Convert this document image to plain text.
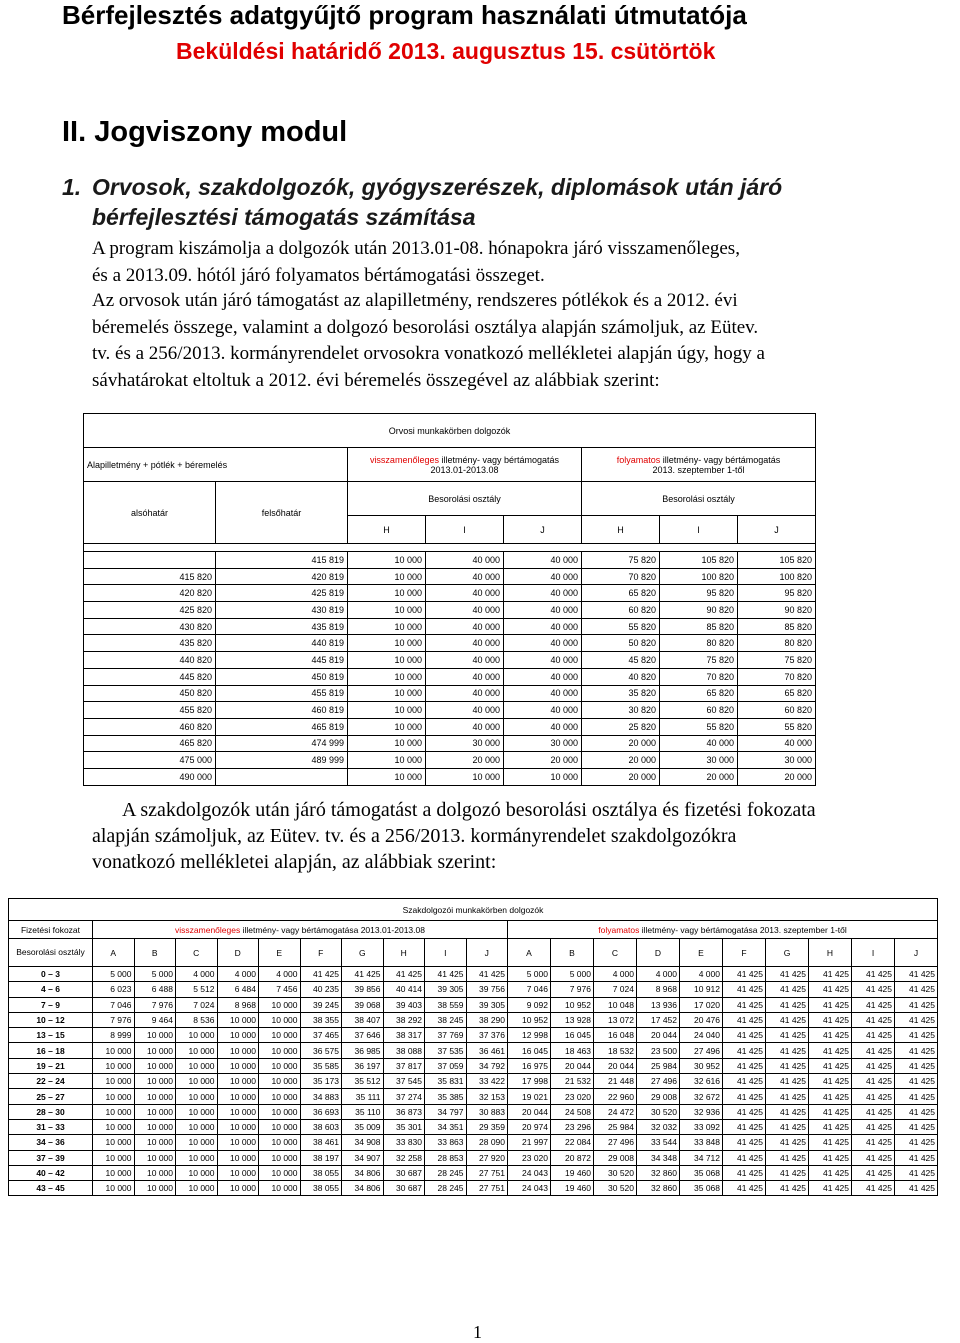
Bérfejlesztés adatgyűjtő program használati útmutatója
Beküldési határidő 2013. augusztus 15. csütörtök
II. Jogviszony modul
1. Orvosok, szakdolgozók, gyógyszerészek, diplomások után járó
bérfejlesztési támogatás számítása
A program kiszámolja a dolgozók után 2013.01-08. hónapokra járó visszamenőleges,
és a 2013.09. hótól járó folyamatos bértámogatási összeget.
Az orvosok után járó támogatást az alapilletmény, rendszeres pótlékok és a 2012. évi
béremelés összege, valamint a dolgozó besorolási osztálya alapján számoljuk, az Eütev.
tv. és a 256/2013. kormányrendelet orvosokra vonatkozó mellékletei alapján úgy, hogy a
sávhatárokat eltoltuk a 2012. évi béremelés összegével az alábbiak szerint:
Orvosi munkakörben dolgozók							
Alapilletmény + pótlék + béremelés		visszamenőleges illetmény- vagy bértámogatás
2013.01-2013.08			folyamatos illetmény- vagy bértámogatás
2013. szeptember 1-től		
alsóhatár	felsőhatár	Besorolási osztály			Besorolási osztály		
		H	I	J	H	I	J

	415 819	10 000	40 000	40 000	75 820	105 820	105 820
415 820	420 819	10 000	40 000	40 000	70 820	100 820	100 820
420 820	425 819	10 000	40 000	40 000	65 820	95 820	95 820
425 820	430 819	10 000	40 000	40 000	60 820	90 820	90 820
430 820	435 819	10 000	40 000	40 000	55 820	85 820	85 820
435 820	440 819	10 000	40 000	40 000	50 820	80 820	80 820
440 820	445 819	10 000	40 000	40 000	45 820	75 820	75 820
445 820	450 819	10 000	40 000	40 000	40 820	70 820	70 820
450 820	455 819	10 000	40 000	40 000	35 820	65 820	65 820
455 820	460 819	10 000	40 000	40 000	30 820	60 820	60 820
460 820	465 819	10 000	40 000	40 000	25 820	55 820	55 820
465 820	474 999	10 000	30 000	30 000	20 000	40 000	40 000
475 000	489 999	10 000	20 000	20 000	20 000	30 000	30 000
490 000		10 000	10 000	10 000	20 000	20 000	20 000
A szakdolgozók után járó támogatást a dolgozó besorolási osztálya és fizetési fokozata
alapján számoljuk, az Eütev. tv. és a 256/2013. kormányrendelet szakdolgozókra
vonatkozó mellékletei alapján, az alábbiak szerint:
Szakdolgozói munkakörben dolgozók																				
Fizetési fokozat	visszamenőleges illetmény- vagy bértámogatása 2013.01-2013.08										folyamatos illetmény- vagy bértámogatása 2013. szeptember 1-től									
Besorolási osztály	A	B	C	D	E	F	G	H	I	J	A	B	C	D	E	F	G	H	I	J
0 – 3	5 000	5 000	4 000	4 000	4 000	41 425	41 425	41 425	41 425	41 425	5 000	5 000	4 000	4 000	4 000	41 425	41 425	41 425	41 425	41 425
4 – 6	6 023	6 488	5 512	6 484	7 456	40 235	39 856	40 414	39 305	39 756	7 046	7 976	7 024	8 968	10 912	41 425	41 425	41 425	41 425	41 425
7 – 9	7 046	7 976	7 024	8 968	10 000	39 245	39 068	39 403	38 559	39 305	9 092	10 952	10 048	13 936	17 020	41 425	41 425	41 425	41 425	41 425
10 – 12	7 976	9 464	8 536	10 000	10 000	38 355	38 407	38 292	38 245	38 290	10 952	13 928	13 072	17 452	20 476	41 425	41 425	41 425	41 425	41 425
13 – 15	8 999	10 000	10 000	10 000	10 000	37 465	37 646	38 317	37 769	37 376	12 998	16 045	16 048	20 044	24 040	41 425	41 425	41 425	41 425	41 425
16 – 18	10 000	10 000	10 000	10 000	10 000	36 575	36 985	38 088	37 535	36 461	16 045	18 463	18 532	23 500	27 496	41 425	41 425	41 425	41 425	41 425
19 – 21	10 000	10 000	10 000	10 000	10 000	35 585	36 197	37 817	37 059	34 792	16 975	20 044	20 044	25 984	30 952	41 425	41 425	41 425	41 425	41 425
22 – 24	10 000	10 000	10 000	10 000	10 000	35 173	35 512	37 545	35 831	33 422	17 998	21 532	21 448	27 496	32 616	41 425	41 425	41 425	41 425	41 425
25 – 27	10 000	10 000	10 000	10 000	10 000	34 883	35 111	37 274	35 385	32 153	19 021	23 020	22 960	29 008	32 672	41 425	41 425	41 425	41 425	41 425
28 – 30	10 000	10 000	10 000	10 000	10 000	36 693	35 110	36 873	34 797	30 883	20 044	24 508	24 472	30 520	32 936	41 425	41 425	41 425	41 425	41 425
31 – 33	10 000	10 000	10 000	10 000	10 000	38 603	35 009	35 301	34 351	29 359	20 974	23 296	25 984	32 032	33 092	41 425	41 425	41 425	41 425	41 425
34 – 36	10 000	10 000	10 000	10 000	10 000	38 461	34 908	33 830	33 863	28 090	21 997	22 084	27 496	33 544	33 848	41 425	41 425	41 425	41 425	41 425
37 – 39	10 000	10 000	10 000	10 000	10 000	38 197	34 907	32 258	28 853	27 920	23 020	20 872	29 008	34 348	34 712	41 425	41 425	41 425	41 425	41 425
40 – 42	10 000	10 000	10 000	10 000	10 000	38 055	34 806	30 687	28 245	27 751	24 043	19 460	30 520	32 860	35 068	41 425	41 425	41 425	41 425	41 425
43 – 45	10 000	10 000	10 000	10 000	10 000	38 055	34 806	30 687	28 245	27 751	24 043	19 460	30 520	32 860	35 068	41 425	41 425	41 425	41 425	41 425
1
